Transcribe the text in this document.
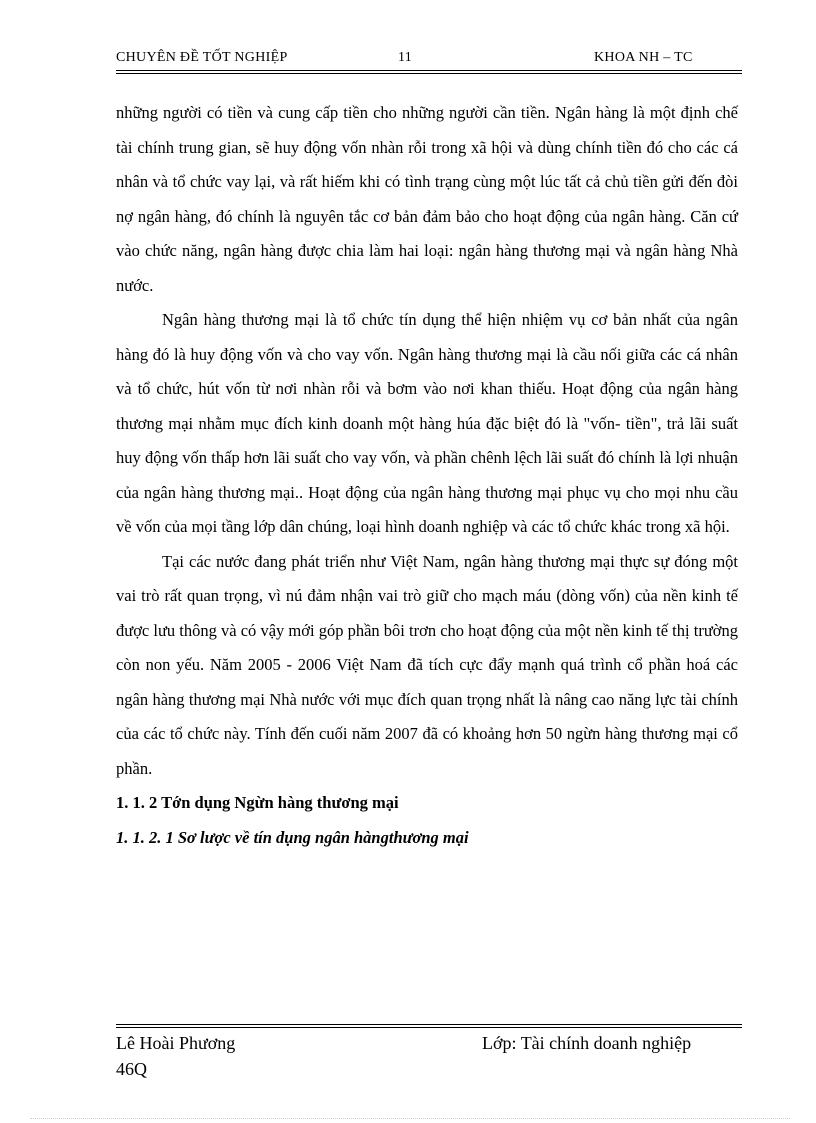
CHUYÊN ĐỀ TỐT NGHIỆP	11	KHOA NH – TC

những người có tiền và cung cấp tiền cho những người cần tiền. Ngân hàng là một định chế tài chính trung gian, sẽ huy động vốn nhàn rỗi trong xã hội và dùng chính tiền đó cho các cá nhân và tổ chức vay lại, và rất hiếm khi có tình trạng cùng một lúc tất cả chủ tiền gửi đến đòi nợ ngân hàng, đó chính là nguyên tắc cơ bản đảm bảo cho hoạt động của ngân hàng. Căn cứ vào chức năng, ngân hàng được chia làm hai loại: ngân hàng thương mại và ngân hàng Nhà nước.

Ngân hàng thương mại là tổ chức tín dụng thể hiện nhiệm vụ cơ bản nhất của ngân hàng đó là huy động vốn và cho vay vốn. Ngân hàng thương mại là cầu nối giữa các cá nhân và tổ chức, hút vốn từ nơi nhàn rỗi và bơm vào nơi khan thiếu. Hoạt động của ngân hàng thương mại nhằm mục đích kinh doanh một hàng húa đặc biệt đó là "vốn- tiền", trả lãi suất huy động vốn thấp hơn lãi suất cho vay vốn, và phần chênh lệch lãi suất đó chính là lợi nhuận của ngân hàng thương mại.. Hoạt động của ngân hàng thương mại phục vụ cho mọi nhu cầu về vốn của mọi tầng lớp dân chúng, loại hình doanh nghiệp và các tổ chức khác trong xã hội.

Tại các nước đang phát triển như Việt Nam, ngân hàng thương mại thực sự đóng một vai trò rất quan trọng, vì nú đảm nhận vai trò giữ cho mạch máu (dòng vốn) của nền kinh tế được lưu thông và có vậy mới góp phần bôi trơn cho hoạt động của một nền kinh tế thị trường còn non yếu. Năm 2005 - 2006 Việt Nam đã tích cực đẩy mạnh quá trình cổ phần hoá các ngân hàng thương mại Nhà nước với mục đích quan trọng nhất là nâng cao năng lực tài chính của các tổ chức này. Tính đến cuối năm 2007 đã có khoảng hơn 50 ngừn hàng thương mại cổ phần.

1. 1. 2 Tớn dụng Ngừn hàng thương mại

1. 1. 2. 1 Sơ lược về tín dụng ngân hàngthương mại

Lê Hoài Phương	Lớp: Tài chính doanh nghiệp
46Q
